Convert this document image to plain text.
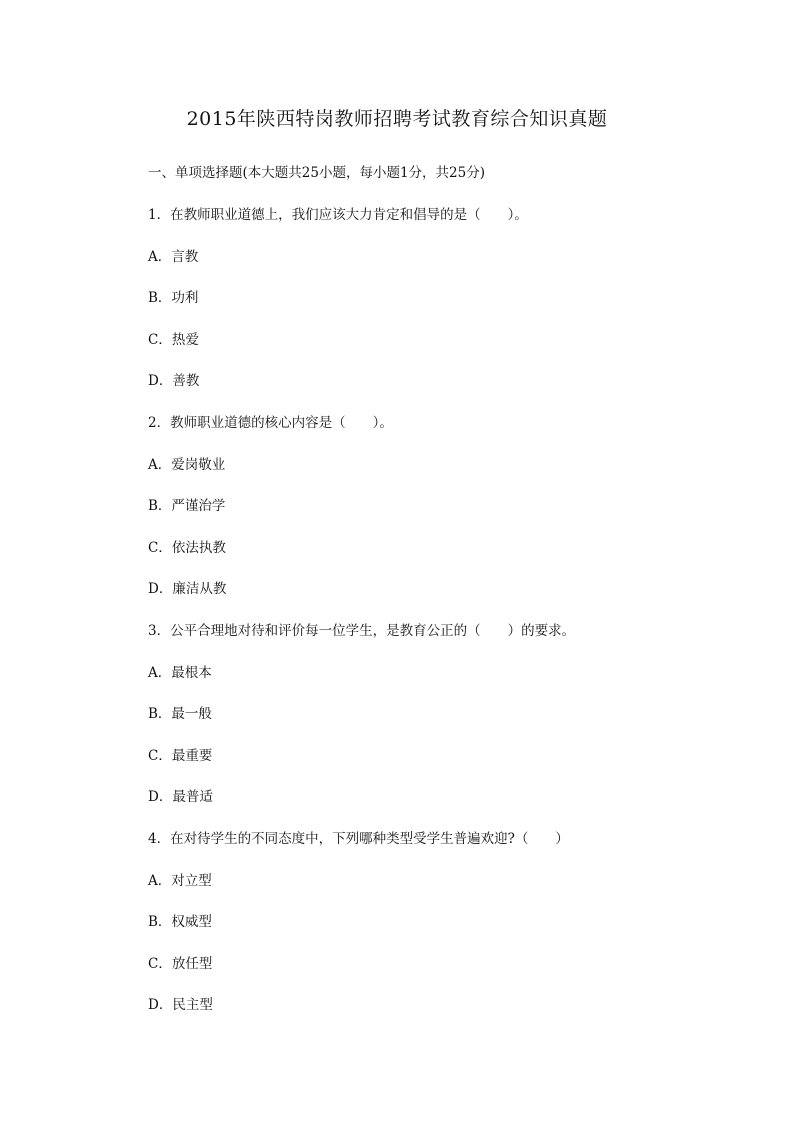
2015年陕西特岗教师招聘考试教育综合知识真题
一、单项选择题(本大题共25小题，每小题1分，共25分)
1．在教师职业道德上，我们应该大力肯定和倡导的是（　　）。
A．言教
B．功利
C．热爱
D．善教
2．教师职业道德的核心内容是（　　）。
A．爱岗敬业
B．严谨治学
C．依法执教
D．廉洁从教
3．公平合理地对待和评价每一位学生，是教育公正的（　　）的要求。
A．最根本
B．最一般
C．最重要
D．最普适
4．在对待学生的不同态度中，下列哪种类型受学生普遍欢迎?（　　）
A．对立型
B．权威型
C．放任型
D．民主型
